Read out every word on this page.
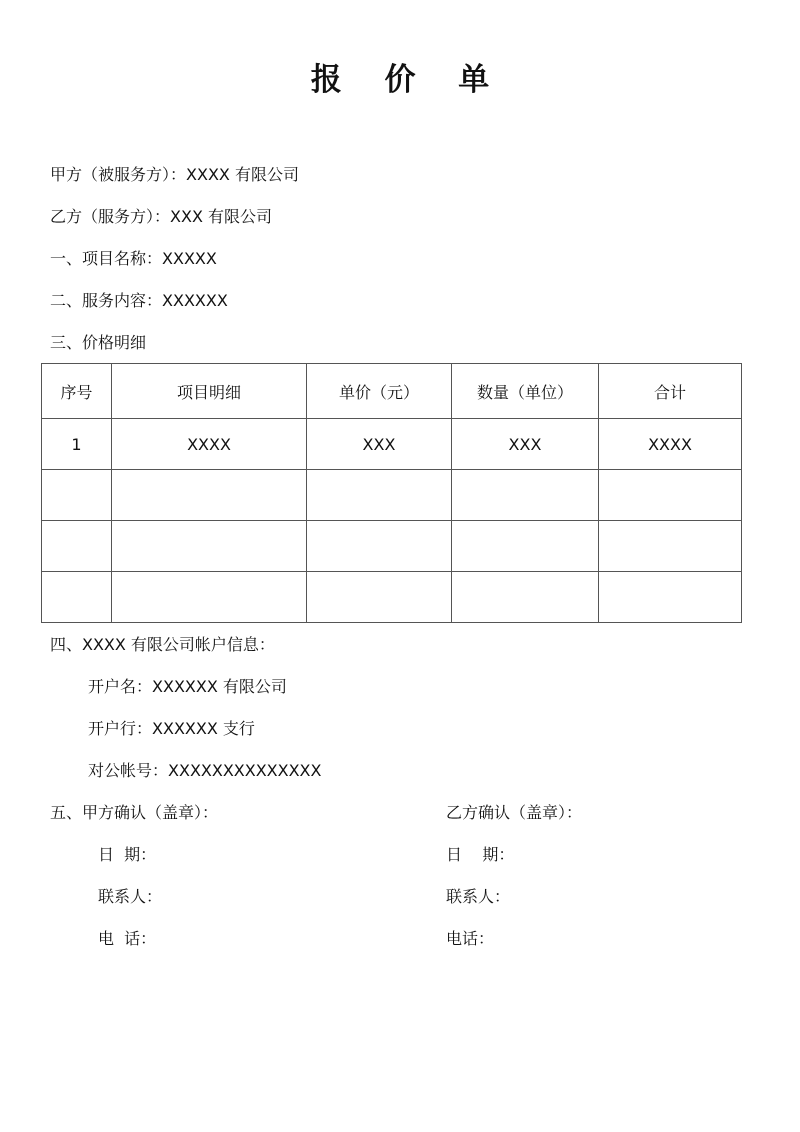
报 价 单
甲方（被服务方）：XXXX 有限公司
乙方（服务方）：XXX 有限公司
一、项目名称：XXXXX
二、服务内容：XXXXXX
三、价格明细
序号	项目明细	单价（元）	数量（单位）	合计
1	XXXX	XXX	XXX	XXXX

四、XXXX 有限公司帐户信息：
开户名：XXXXXX 有限公司
开户行：XXXXXX 支行
对公帐号：XXXXXXXXXXXXXX
五、甲方确认（盖章）：	乙方确认（盖章）：
日  期：	日    期：
联系人：	联系人：
电  话：	电话：
